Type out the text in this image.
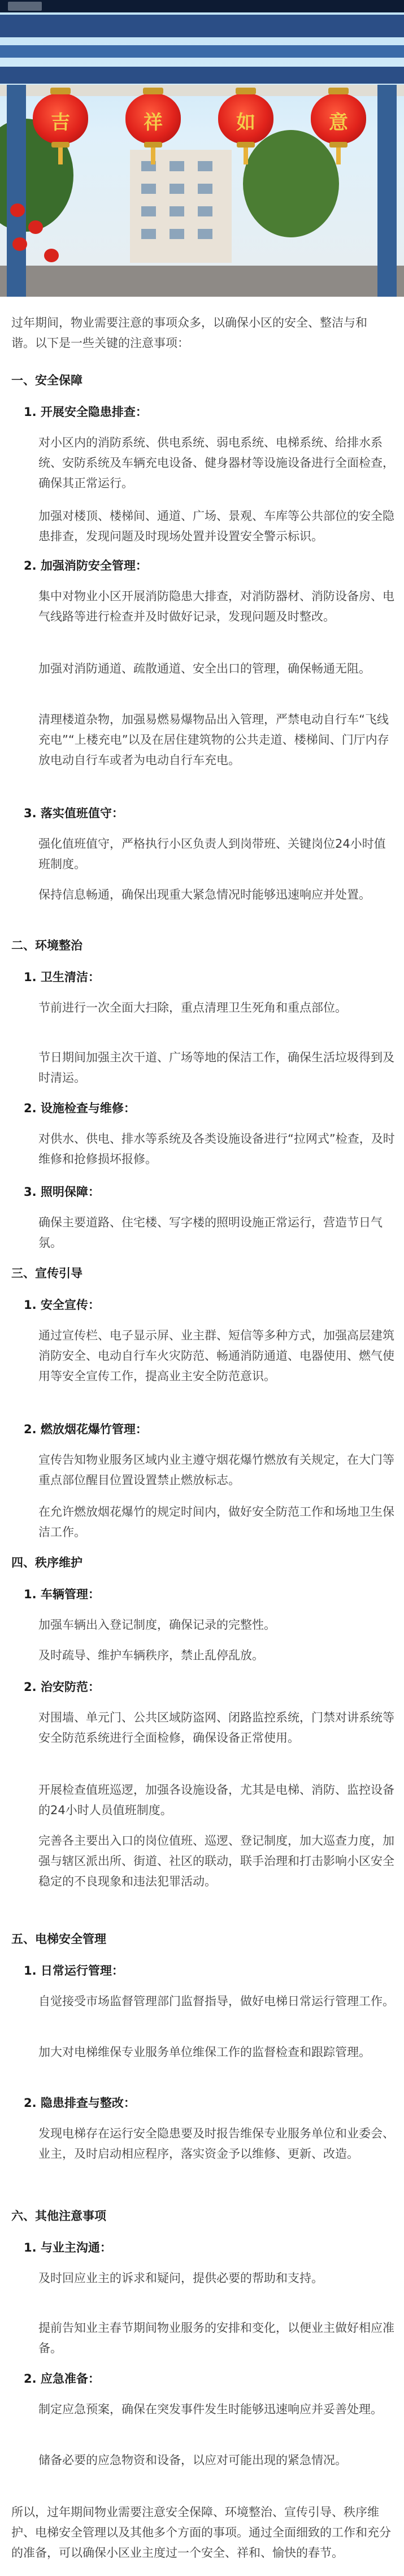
吉	祥	如	意
过年期间，物业需要注意的事项众多，以确保小区的安全、整洁与和谐。以下是一些关键的注意事项：
一、安全保障
1. 开展安全隐患排查：
对小区内的消防系统、供电系统、弱电系统、电梯系统、给排水系统、安防系统及车辆充电设备、健身器材等设施设备进行全面检查，确保其正常运行。
加强对楼顶、楼梯间、通道、广场、景观、车库等公共部位的安全隐患排查，发现问题及时现场处置并设置安全警示标识。
2. 加强消防安全管理：
集中对物业小区开展消防隐患大排查，对消防器材、消防设备房、电气线路等进行检查并及时做好记录，发现问题及时整改。
加强对消防通道、疏散通道、安全出口的管理，确保畅通无阻。
清理楼道杂物，加强易燃易爆物品出入管理，严禁电动自行车“飞线充电”“上楼充电”以及在居住建筑物的公共走道、楼梯间、门厅内存放电动自行车或者为电动自行车充电。
3. 落实值班值守：
强化值班值守，严格执行小区负责人到岗带班、关键岗位24小时值班制度。
保持信息畅通，确保出现重大紧急情况时能够迅速响应并处置。
二、环境整治
1. 卫生清洁：
节前进行一次全面大扫除，重点清理卫生死角和重点部位。
节日期间加强主次干道、广场等地的保洁工作，确保生活垃圾得到及时清运。
2. 设施检查与维修：
对供水、供电、排水等系统及各类设施设备进行“拉网式”检查，及时维修和抢修损坏报修。
3. 照明保障：
确保主要道路、住宅楼、写字楼的照明设施正常运行，营造节日气氛。
三、宣传引导
1. 安全宣传：
通过宣传栏、电子显示屏、业主群、短信等多种方式，加强高层建筑消防安全、电动自行车火灾防范、畅通消防通道、电器使用、燃气使用等安全宣传工作，提高业主安全防范意识。
2. 燃放烟花爆竹管理：
宣传告知物业服务区域内业主遵守烟花爆竹燃放有关规定，在大门等重点部位醒目位置设置禁止燃放标志。
在允许燃放烟花爆竹的规定时间内，做好安全防范工作和场地卫生保洁工作。
四、秩序维护
1. 车辆管理：
加强车辆出入登记制度，确保记录的完整性。
及时疏导、维护车辆秩序，禁止乱停乱放。
2. 治安防范：
对围墙、单元门、公共区域防盗网、闭路监控系统，门禁对讲系统等安全防范系统进行全面检修，确保设备正常使用。
开展检查值班巡逻，加强各设施设备，尤其是电梯、消防、监控设备的24小时人员值班制度。
完善各主要出入口的岗位值班、巡逻、登记制度，加大巡查力度，加强与辖区派出所、街道、社区的联动，联手治理和打击影响小区安全稳定的不良现象和违法犯罪活动。
五、电梯安全管理
1. 日常运行管理：
自觉接受市场监督管理部门监督指导，做好电梯日常运行管理工作。
加大对电梯维保专业服务单位维保工作的监督检查和跟踪管理。
2. 隐患排查与整改：
发现电梯存在运行安全隐患要及时报告维保专业服务单位和业委会、业主，及时启动相应程序，落实资金予以维修、更新、改造。
六、其他注意事项
1. 与业主沟通：
及时回应业主的诉求和疑问，提供必要的帮助和支持。
提前告知业主春节期间物业服务的安排和变化，以便业主做好相应准备。
2. 应急准备：
制定应急预案，确保在突发事件发生时能够迅速响应并妥善处理。
储备必要的应急物资和设备，以应对可能出现的紧急情况。
所以，过年期间物业需要注意安全保障、环境整治、宣传引导、秩序维护、电梯安全管理以及其他多个方面的事项。通过全面细致的工作和充分的准备，可以确保小区业主度过一个安全、祥和、愉快的春节。
